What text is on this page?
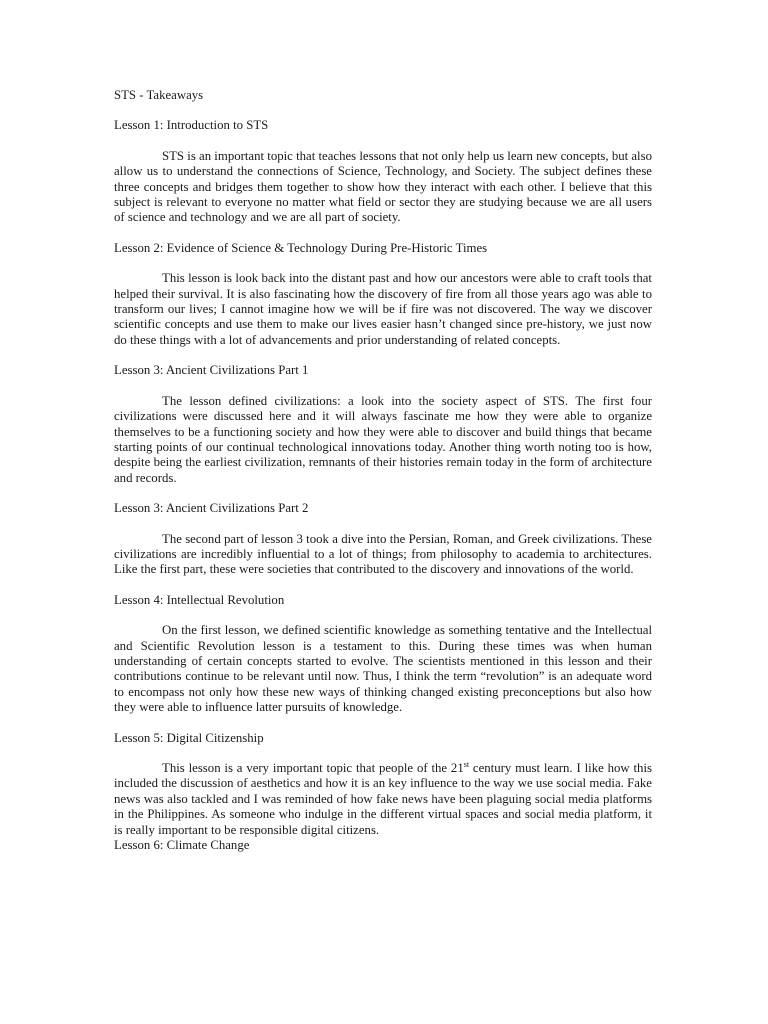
STS - Takeaways

Lesson 1: Introduction to STS

STS is an important topic that teaches lessons that not only help us learn new concepts, but also allow us to understand the connections of Science, Technology, and Society. The subject defines these three concepts and bridges them together to show how they interact with each other. I believe that this subject is relevant to everyone no matter what field or sector they are studying because we are all users of science and technology and we are all part of society.

Lesson 2: Evidence of Science & Technology During Pre-Historic Times

This lesson is look back into the distant past and how our ancestors were able to craft tools that helped their survival. It is also fascinating how the discovery of fire from all those years ago was able to transform our lives; I cannot imagine how we will be if fire was not discovered. The way we discover scientific concepts and use them to make our lives easier hasn’t changed since pre-history, we just now do these things with a lot of advancements and prior understanding of related concepts.

Lesson 3: Ancient Civilizations Part 1

The lesson defined civilizations: a look into the society aspect of STS. The first four civilizations were discussed here and it will always fascinate me how they were able to organize themselves to be a functioning society and how they were able to discover and build things that became starting points of our continual technological innovations today. Another thing worth noting too is how, despite being the earliest civilization, remnants of their histories remain today in the form of architecture and records.

Lesson 3: Ancient Civilizations Part 2

The second part of lesson 3 took a dive into the Persian, Roman, and Greek civilizations. These civilizations are incredibly influential to a lot of things; from philosophy to academia to architectures. Like the first part, these were societies that contributed to the discovery and innovations of the world.

Lesson 4: Intellectual Revolution

On the first lesson, we defined scientific knowledge as something tentative and the Intellectual and Scientific Revolution lesson is a testament to this. During these times was when human understanding of certain concepts started to evolve. The scientists mentioned in this lesson and their contributions continue to be relevant until now. Thus, I think the term “revolution” is an adequate word to encompass not only how these new ways of thinking changed existing preconceptions but also how they were able to influence latter pursuits of knowledge.

Lesson 5: Digital Citizenship

This lesson is a very important topic that people of the 21st century must learn. I like how this included the discussion of aesthetics and how it is an key influence to the way we use social media. Fake news was also tackled and I was reminded of how fake news have been plaguing social media platforms in the Philippines. As someone who indulge in the different virtual spaces and social media platform, it is really important to be responsible digital citizens.

Lesson 6: Climate Change
